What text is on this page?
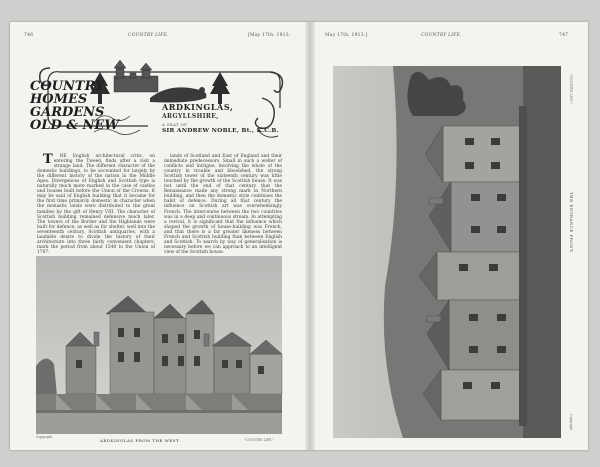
746	COUNTRY LIFE.	[May 17th, 1913.
COUNTRY
HOMES
GARDENS
OLD & NEW
ARDKINGLAS,
ARGYLLSHIRE,
A SEAT OF
SIR ANDREW NOBLE, Bt., K.C.B.

T HE English architectural critic, on entering the Tweed, finds after a visit a strange land. The different character of the domestic buildings, to be accounted for largely by the different history of the nation in the Middle Ages. Divergences of English and Scottish type is naturally much more marked in the case of castles and houses built before the Union of the Crowns. It may be said of English building that it became for the first time primarily domestic in character when the monastic lands were distributed to the great families by the gift of Henry VIII. The character of Scottish building remained defensive much later. The towers of the Border and the Highlands were built for defence, as well as for shelter, well into the seventeenth century. Scottish antiquaries, with a laudable desire to divide the history of their architecture into three fairly convenient chapters, mark the period from about 1540 to the Union of 1707.

lands of Scotland and East of England and their immediate predecessors. Small in such a welter of conflicts and intrigue, involving the whole of the country in trouble and bloodshed, the strong Scottish tower of the sixteenth century was little touched by the growth of the Scottish house. It was not until the end of that century that the Renaissance made any strong mark in Northern building, and then the domestic style continues the habit of defence. During all that century the influence on Scottish art was overwhelmingly French. The intercourse between the two countries was in a deep and continuous stream. In attempting a revival, it is significant that the influence which shaped the growth of house-building was French, and that there is a far greater likeness between French and Scottish building than between English and Scottish. To search by way of generalisation is necessary before we can approach to an intelligent view of the Scottish house.

Copyright
ARDKINGLAS FROM THE WEST.	"COUNTRY LIFE."
May 17th, 1913.]	COUNTRY LIFE.	747
THE ENTRANCE FRONT.
"COUNTRY LIFE."
Copyright
